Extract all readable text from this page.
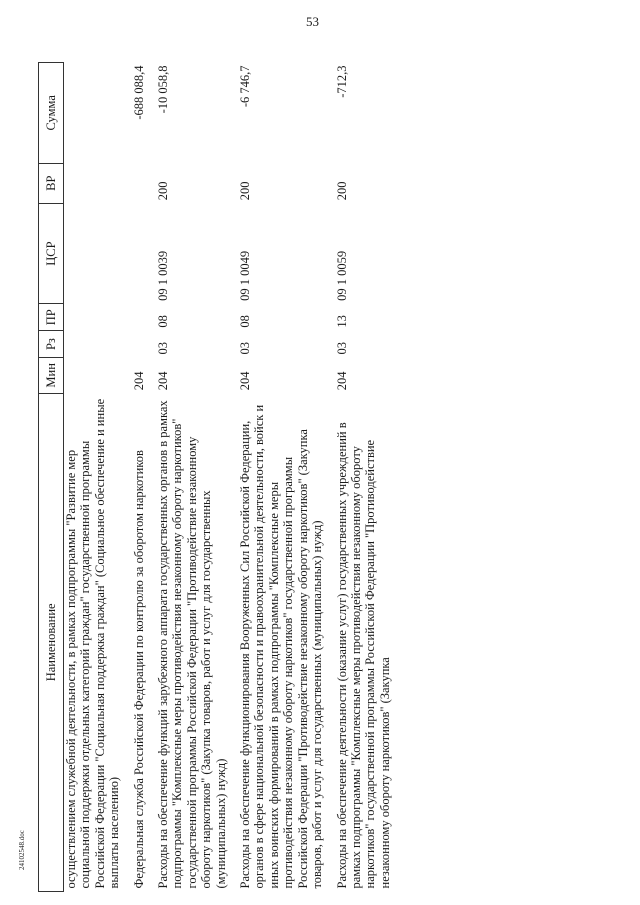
53
Наименование	Мин	Рз	ПР	ЦСР	ВР	Сумма
осуществлением служебной деятельности, в рамках подпрограммы "Развитие мер социальной поддержки отдельных категорий граждан" государственной программы Российской Федерации "Социальная поддержка граждан" (Социальное обеспечение и иные выплаты населению)						
Федеральная служба Российской Федерации по контролю за оборотом наркотиков	204					-688 088,4
Расходы на обеспечение функций зарубежного аппарата государственных органов в рамках подпрограммы "Комплексные меры противодействия незаконному обороту наркотиков" государственной программы Российской Федерации "Противодействие незаконному обороту наркотиков" (Закупка товаров, работ и услуг для государственных (муниципальных) нужд)	204	03	08	09 1 0039	200	-10 058,8
Расходы на обеспечение функционирования Вооруженных Сил Российской Федерации, органов в сфере национальной безопасности и правоохранительной деятельности, войск и иных воинских формирований в рамках подпрограммы "Комплексные меры противодействия незаконному обороту наркотиков" государственной программы Российской Федерации "Противодействие незаконному обороту наркотиков" (Закупка товаров, работ и услуг для государственных (муниципальных) нужд)	204	03	08	09 1 0049	200	-6 746,7
Расходы на обеспечение деятельности (оказание услуг) государственных учреждений в рамках подпрограммы "Комплексные меры противодействия незаконному обороту наркотиков" государственной программы Российской Федерации "Противодействие незаконному обороту наркотиков" (Закупка	204	03	13	09 1 0059	200	-712,3
24102548.doc
